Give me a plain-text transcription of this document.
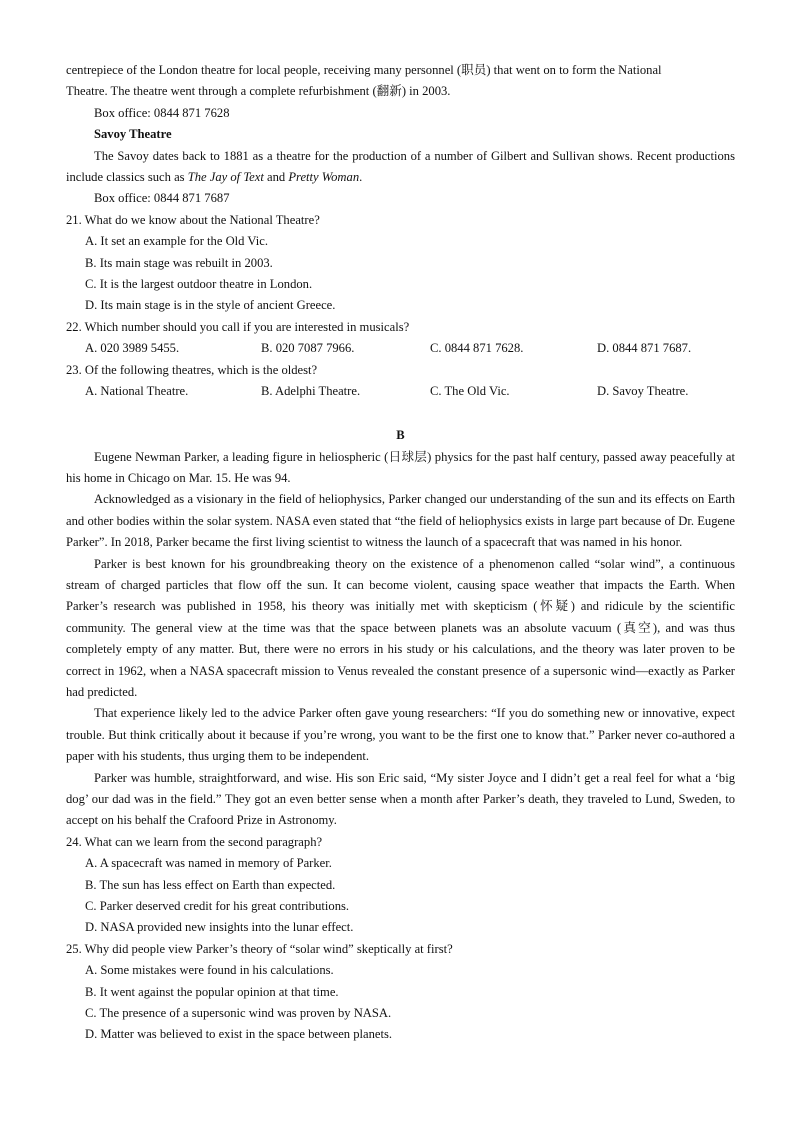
centrepiece of the London theatre for local people, receiving many personnel (职员) that went on to form the National
Theatre. The theatre went through a complete refurbishment (翻新) in 2003.

Box office: 0844 871 7628

Savoy Theatre

The Savoy dates back to 1881 as a theatre for the production of a number of Gilbert and Sullivan shows. Recent productions include classics such as The Jay of Text and Pretty Woman.

Box office: 0844 871 7687

21. What do we know about the National Theatre?

A. It set an example for the Old Vic.
B. Its main stage was rebuilt in 2003.
C. It is the largest outdoor theatre in London.
D. Its main stage is in the style of ancient Greece.

22. Which number should you call if you are interested in musicals?

A. 020 3989 5455.	B. 020 7087 7966.	C. 0844 871 7628.	D. 0844 871 7687.

23. Of the following theatres, which is the oldest?

A. National Theatre.	B. Adelphi Theatre.	C. The Old Vic.	D. Savoy Theatre.

B

Eugene Newman Parker, a leading figure in heliospheric (日球层) physics for the past half century, passed away peacefully at his home in Chicago on Mar. 15. He was 94.

Acknowledged as a visionary in the field of heliophysics, Parker changed our understanding of the sun and its effects on Earth and other bodies within the solar system. NASA even stated that “the field of heliophysics exists in large part because of Dr. Eugene Parker”. In 2018, Parker became the first living scientist to witness the launch of a spacecraft that was named in his honor.

Parker is best known for his groundbreaking theory on the existence of a phenomenon called “solar wind”, a continuous stream of charged particles that flow off the sun. It can become violent, causing space weather that impacts the Earth. When Parker’s research was published in 1958, his theory was initially met with skepticism (怀疑) and ridicule by the scientific community. The general view at the time was that the space between planets was an absolute vacuum (真空), and was thus completely empty of any matter. But, there were no errors in his study or his calculations, and the theory was later proven to be correct in 1962, when a NASA spacecraft mission to Venus revealed the constant presence of a supersonic wind—exactly as Parker had predicted.

That experience likely led to the advice Parker often gave young researchers: “If you do something new or innovative, expect trouble. But think critically about it because if you’re wrong, you want to be the first one to know that.” Parker never co-authored a paper with his students, thus urging them to be independent.

Parker was humble, straightforward, and wise. His son Eric said, “My sister Joyce and I didn’t get a real feel for what a ‘big dog’ our dad was in the field.” They got an even better sense when a month after Parker’s death, they traveled to Lund, Sweden, to accept on his behalf the Crafoord Prize in Astronomy.

24. What can we learn from the second paragraph?

A. A spacecraft was named in memory of Parker.
B. The sun has less effect on Earth than expected.
C. Parker deserved credit for his great contributions.
D. NASA provided new insights into the lunar effect.

25. Why did people view Parker’s theory of “solar wind” skeptically at first?

A. Some mistakes were found in his calculations.
B. It went against the popular opinion at that time.
C. The presence of a supersonic wind was proven by NASA.
D. Matter was believed to exist in the space between planets.
